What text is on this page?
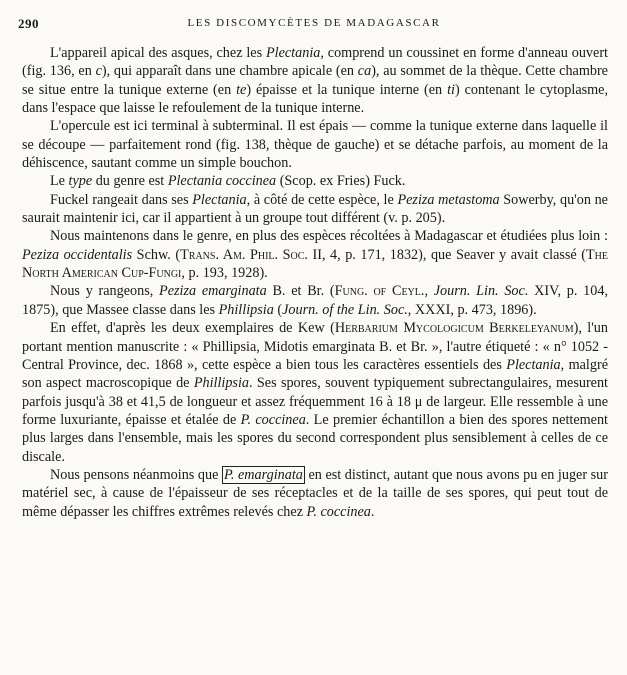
290	LES DISCOMYCÈTES DE MADAGASCAR

L'appareil apical des asques, chez les Plectania, comprend un coussinet en forme d'anneau ouvert (fig. 136, en c), qui apparaît dans une chambre apicale (en ca), au sommet de la thèque. Cette chambre se situe entre la tunique externe (en te) épaisse et la tunique interne (en ti) contenant le cytoplasme, dans l'espace que laisse le refoulement de la tunique interne.

L'opercule est ici terminal à subterminal. Il est épais — comme la tunique externe dans laquelle il se découpe — parfaitement rond (fig. 138, thèque de gauche) et se détache parfois, au moment de la déhiscence, sautant comme un simple bouchon.

Le type du genre est Plectania coccinea (Scop. ex Fries) Fuck.

Fuckel rangeait dans ses Plectania, à côté de cette espèce, le Peziza metastoma Sowerby, qu'on ne saurait maintenir ici, car il appartient à un groupe tout différent (v. p. 205).

Nous maintenons dans le genre, en plus des espèces récoltées à Madagascar et étudiées plus loin : Peziza occidentalis Schw. (Trans. Am. Phil. Soc. II, 4, p. 171, 1832), que Seaver y avait classé (The North American Cup-Fungi, p. 193, 1928).

Nous y rangeons, Peziza emarginata B. et Br. (Fung. of Ceyl., Journ. Lin. Soc. XIV, p. 104, 1875), que Massee classe dans les Phillipsia (Journ. of the Lin. Soc., XXXI, p. 473, 1896).

En effet, d'après les deux exemplaires de Kew (Herbarium Mycologicum Berkeleyanum), l'un portant mention manuscrite : « Phillipsia, Midotis emarginata B. et Br. », l'autre étiqueté : « n° 1052 - Central Province, dec. 1868 », cette espèce a bien tous les caractères essentiels des Plectania, malgré son aspect macroscopique de Phillipsia. Ses spores, souvent typiquement subrectangulaires, mesurent parfois jusqu'à 38 et 41,5 de longueur et assez fréquemment 16 à 18 μ de largeur. Elle ressemble à une forme luxuriante, épaisse et étalée de P. coccinea. Le premier échantillon a bien des spores nettement plus larges dans l'ensemble, mais les spores du second correspondent plus sensiblement à celles de ce discale.

Nous pensons néanmoins que P. emarginata en est distinct, autant que nous avons pu en juger sur matériel sec, à cause de l'épaisseur de ses réceptacles et de la taille de ses spores, qui peut tout de même dépasser les chiffres extrêmes relevés chez P. coccinea.
